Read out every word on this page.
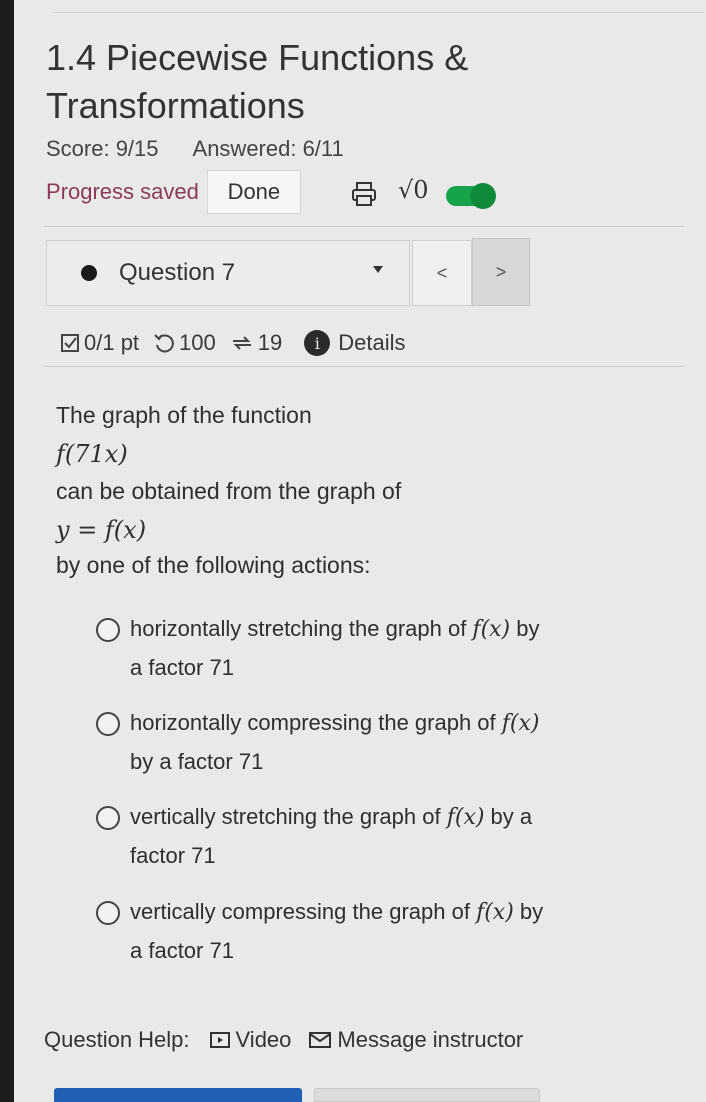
1.4 Piecewise Functions &
Transformations
Score: 9/15 Answered: 6/11
Progress saved	Done	√0
Question 7	<	>
0/1 pt 100 19	i Details
The graph of the function
f(71x)
can be obtained from the graph of
y = f(x)
by one of the following actions:
horizontally stretching the graph of f(x) by
a factor 71
horizontally compressing the graph of f(x)
by a factor 71
vertically stretching the graph of f(x) by a
factor 71
vertically compressing the graph of f(x) by
a factor 71
Question Help: Video Message instructor
